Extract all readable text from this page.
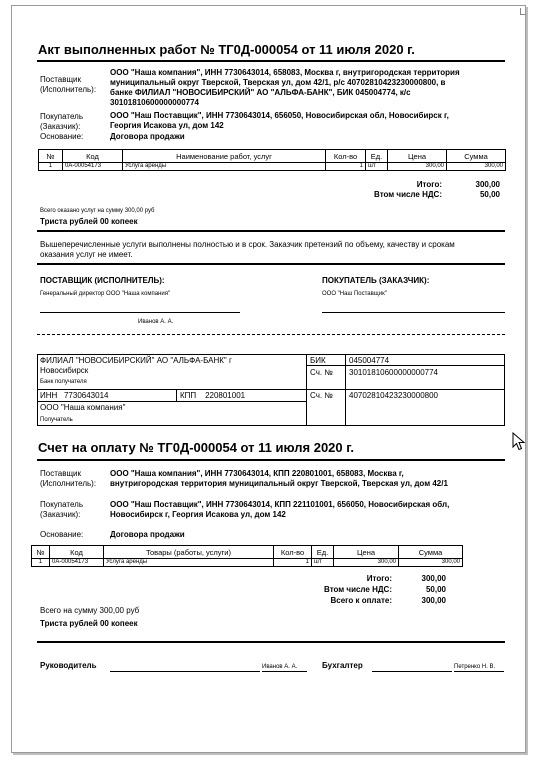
Акт выполненных работ № ТГ0Д-000054 от 11 июля 2020 г.
Поставщик
(Исполнитель):
ООО "Наша компания", ИНН 7730643014, 658083, Москва г, внутригородская территория
муниципальный округ Тверской, Тверская ул, дом 42/1, р/с 40702810423230000800, в
банке ФИЛИАЛ "НОВОСИБИРСКИЙ" АО "АЛЬФА-БАНК", БИК 045004774, к/с
30101810600000000774
Покупатель
(Заказчик):
ООО "Наш Поставщик", ИНН 7730643014, 656050, Новосибирская обл, Новосибирск г,
Георгия Исакова ул, дом 142
Основание:	Договора продажи
№	Код	Наименование работ, услуг	Кол-во	Ед.	Цена	Сумма
1	0А-00054173	Услуга аренды	1	шт	300,00	300,00
Итого:	300,00
Втом числе НДС:	50,00
Всего оказано услуг на сумму 300,00 руб
Триста рублей 00 копеек
Вышеперечисленные услуги выполнены полностью и в срок. Заказчик претензий по объему, качеству и срокам
оказания услуг не имеет.
ПОСТАВЩИК (ИСПОЛНИТЕЛЬ):
Генеральный директор ООО "Наша компания"
Иванов А. А.
ПОКУПАТЕЛЬ (ЗАКАЗЧИК):
ООО "Наш Поставщик"
ФИЛИАЛ "НОВОСИБИРСКИЙ" АО "АЛЬФА-БАНК" г
Новосибирск
Банк получателя
БИК	045004774
Сч. № 30101810600000000774
ИНН 7730643014	КПП 220801001
ООО "Наша компания"
Получатель
Сч. № 40702810423230000800
Счет на оплату № ТГ0Д-000054 от 11 июля 2020 г.
Поставщик
(Исполнитель):
ООО "Наша компания", ИНН 7730643014, КПП 220801001, 658083, Москва г,
внутригородская территория муниципальный округ Тверской, Тверская ул, дом 42/1
Покупатель
(Заказчик):
ООО "Наш Поставщик", ИНН 7730643014, КПП 221101001, 656050, Новосибирская обл,
Новосибирск г, Георгия Исакова ул, дом 142
Основание:	Договора продажи
№	Код	Товары (работы, услуги)	Кол-во	Ед.	Цена	Сумма
1	0А-00054173	Услуга аренды	1	шт	300,00	300,00
Итого:	300,00
Втом числе НДС:	50,00
Всего к оплате:	300,00
Всего на сумму 300,00 руб
Триста рублей 00 копеек
Руководитель	Иванов А. А.	Бухгалтер	Петренко Н. В.
